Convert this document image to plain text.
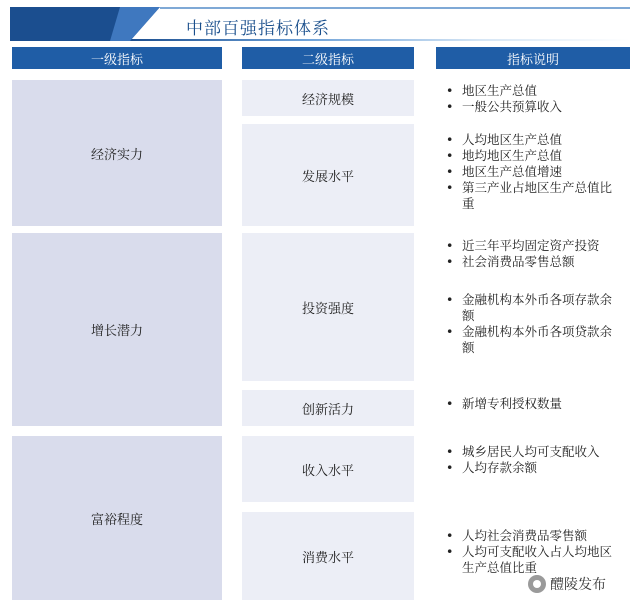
中部百强指标体系
一级指标	二级指标	指标说明
经济实力
增长潜力
富裕程度
经济规模
发展水平
投资强度
创新活力
收入水平
消费水平

• 地区生产总值

• 一般公共预算收入

• 人均地区生产总值

• 地均地区生产总值

• 地区生产总值增速

• 第三产业占地区生产总值比重

• 近三年平均固定资产投资

• 社会消费品零售总额

• 金融机构本外币各项存款余额

• 金融机构本外币各项贷款余额

• 新增专利授权数量

• 城乡居民人均可支配收入

• 人均存款余额

• 人均社会消费品零售额

• 人均可支配收入占人均地区生产总值比重

醴陵发布
